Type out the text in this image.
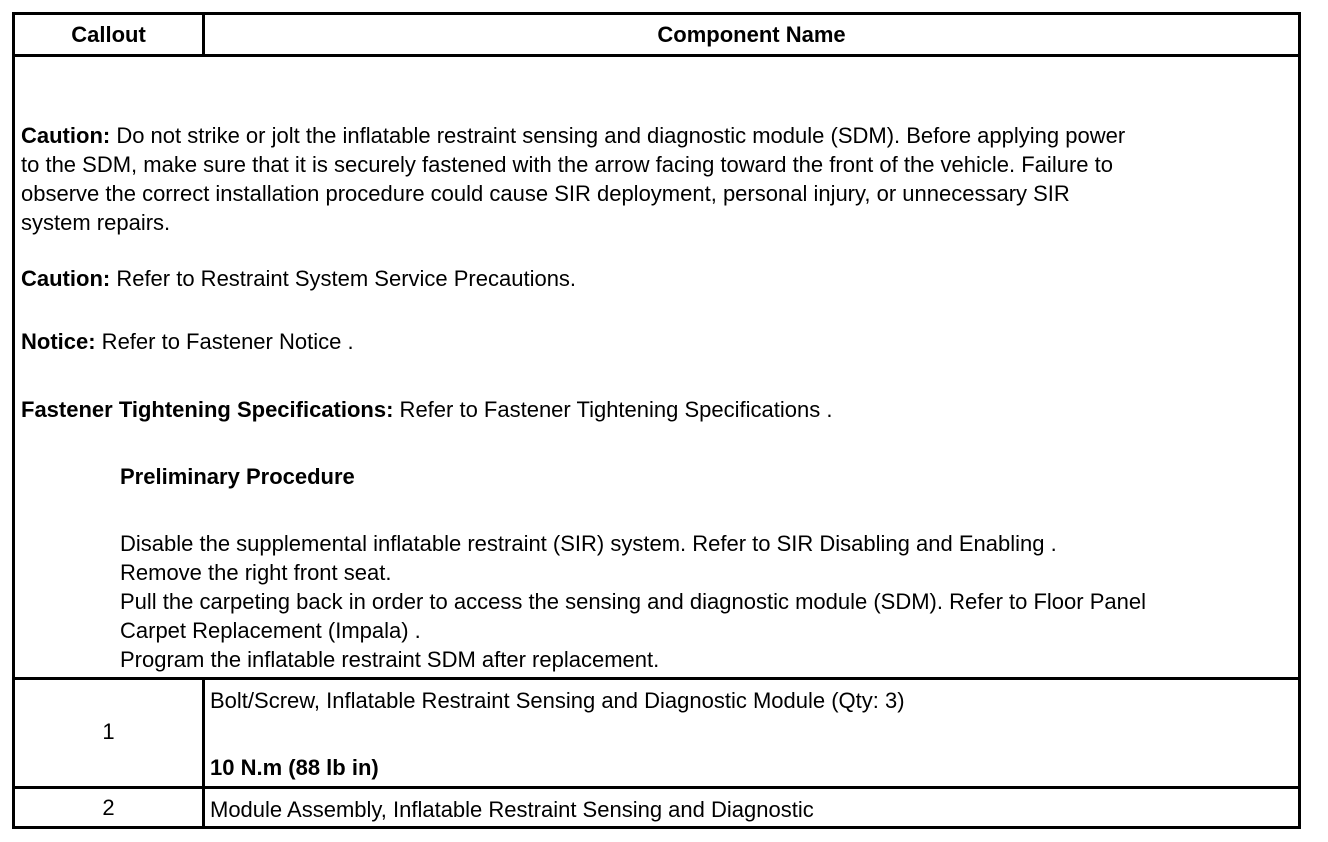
Callout	Component Name
Caution: Do not strike or jolt the inflatable restraint sensing and diagnostic module (SDM). Before applying power
to the SDM, make sure that it is securely fastened with the arrow facing toward the front of the vehicle. Failure to
observe the correct installation procedure could cause SIR deployment, personal injury, or unnecessary SIR
system repairs.
Caution: Refer to Restraint System Service Precautions.
Notice: Refer to Fastener Notice .
Fastener Tightening Specifications: Refer to Fastener Tightening Specifications .
Preliminary Procedure
Disable the supplemental inflatable restraint (SIR) system. Refer to SIR Disabling and Enabling .
Remove the right front seat.
Pull the carpeting back in order to access the sensing and diagnostic module (SDM). Refer to Floor Panel
Carpet Replacement (Impala) .
Program the inflatable restraint SDM after replacement.
1
Bolt/Screw, Inflatable Restraint Sensing and Diagnostic Module (Qty: 3)
10 N.m (88 lb in)
2	Module Assembly, Inflatable Restraint Sensing and Diagnostic
